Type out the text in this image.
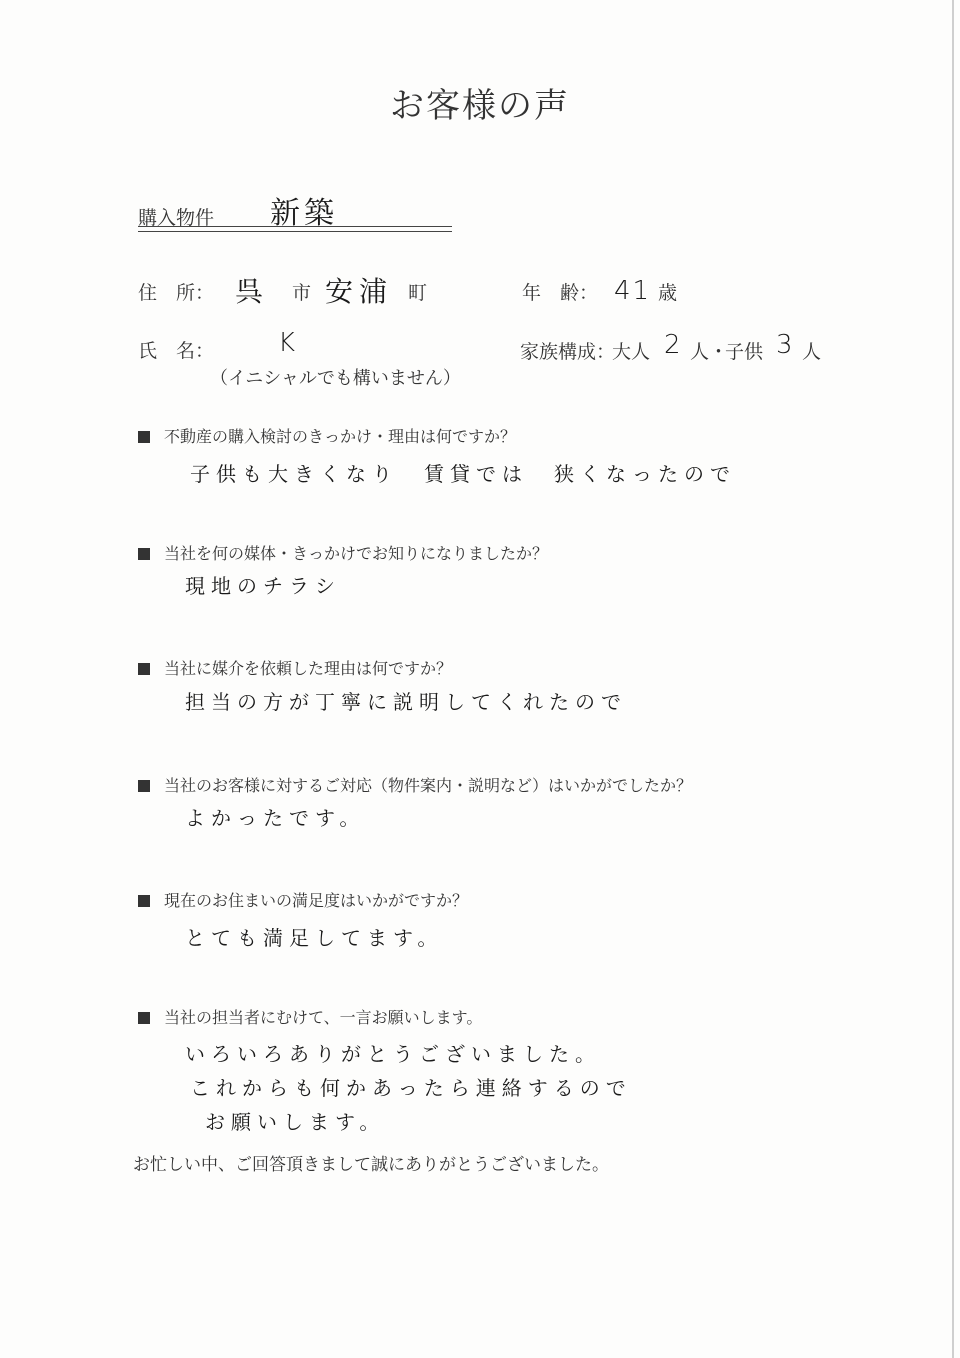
お客様の声
購入物件 新築
住　所： 呉 市 安浦 町	年　齢： 41 歳
氏　名： K
（イニシャルでも構いません）
家族構成：
大人 2 人・
子供 3 人
不動産の購入検討のきっかけ・理由は何ですか？
子供も大きくなり　賃貸では　狭くなったので
当社を何の媒体・きっかけでお知りになりましたか？
現地のチラシ
当社に媒介を依頼した理由は何ですか？
担当の方が丁寧に説明してくれたので
当社のお客様に対するご対応（物件案内・説明など）はいかがでしたか？
よかったです。
現在のお住まいの満足度はいかがですか？
とても満足してます。
当社の担当者にむけて、一言お願いします。
いろいろありがとうございました。
これからも何かあったら連絡するので
お願いします。
お忙しい中、ご回答頂きまして誠にありがとうございました。
